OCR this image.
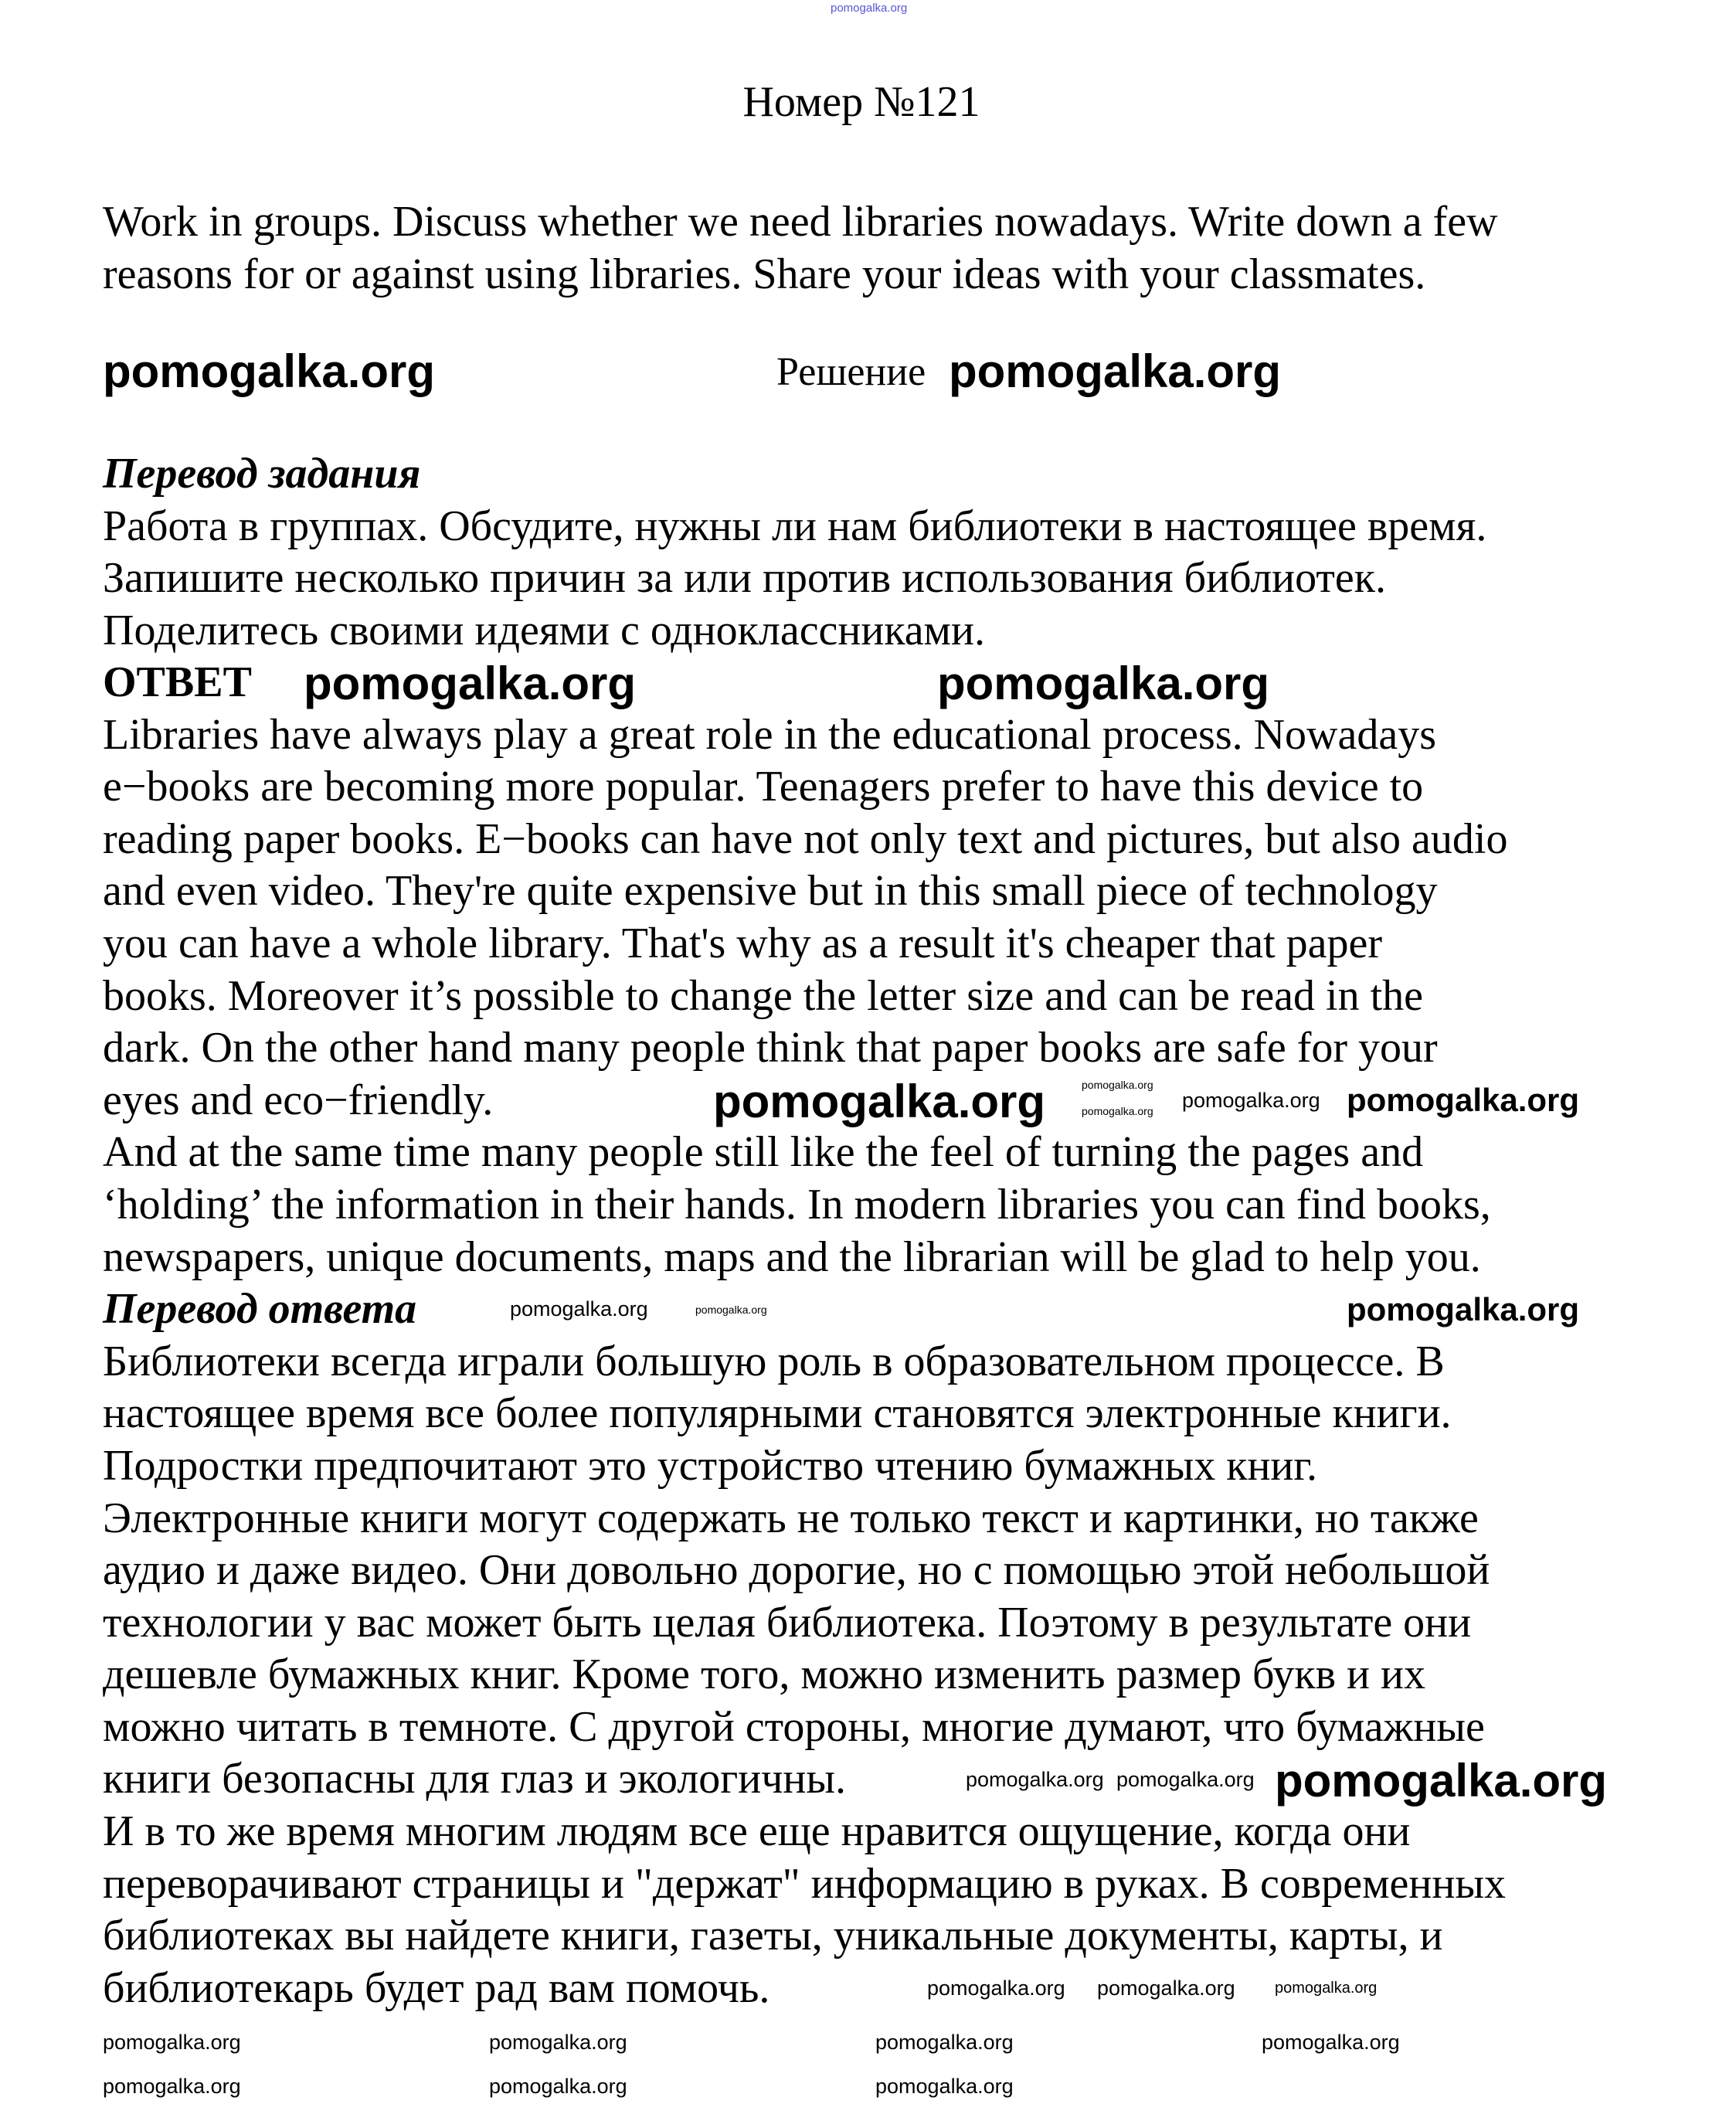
pomogalka.org
Номер №121
Work in groups. Discuss whether we need libraries nowadays. Write down a few
reasons for or against using libraries. Share your ideas with your classmates.
pomogalka.org	Решение pomogalka.org
Перевод задания
Работа в группах. Обсудите, нужны ли нам библиотеки в настоящее время.
Запишите несколько причин за или против использования библиотек.
Поделитесь своими идеями с одноклассниками.
ОТВЕТ
Libraries have always play a great role in the educational process. Nowadays
e−books are becoming more popular. Teenagers prefer to have this device to
reading paper books. E−books can have not only text and pictures, but also audio
and even video. They're quite expensive but in this small piece of technology
you can have a whole library. That's why as a result it's cheaper that paper
books. Moreover it’s possible to change the letter size and can be read in the
dark. On the other hand many people think that paper books are safe for your
eyes and eco−friendly.
And at the same time many people still like the feel of turning the pages and
‘holding’ the information in their hands. In modern libraries you can find books,
newspapers, unique documents, maps and the librarian will be glad to help you.
Перевод ответа
Библиотеки всегда играли большую роль в образовательном процессе. В
настоящее время все более популярными становятся электронные книги.
Подростки предпочитают это устройство чтению бумажных книг.
Электронные книги могут содержать не только текст и картинки, но также
аудио и даже видео. Они довольно дорогие, но с помощью этой небольшой
технологии у вас может быть целая библиотека. Поэтому в результате они
дешевле бумажных книг. Кроме того, можно изменить размер букв и их
можно читать в темноте. С другой стороны, многие думают, что бумажные
книги безопасны для глаз и экологичны.
И в то же время многим людям все еще нравится ощущение, когда они
переворачивают страницы и "держат" информацию в руках. В современных
библиотеках вы найдете книги, газеты, уникальные документы, карты, и
библиотекарь будет рад вам помочь.
pomogalka.org	pomogalka.org
pomogalka.org	pomogalka.org
pomogalka.org pomogalka.org pomogalka.org
pomogalka.org	pomogalka.org	pomogalka.org
pomogalka.org pomogalka.org pomogalka.org
pomogalka.org pomogalka.org	pomogalka.org
pomogalka.org	pomogalka.org	pomogalka.org	pomogalka.org
pomogalka.org	pomogalka.org	pomogalka.org
